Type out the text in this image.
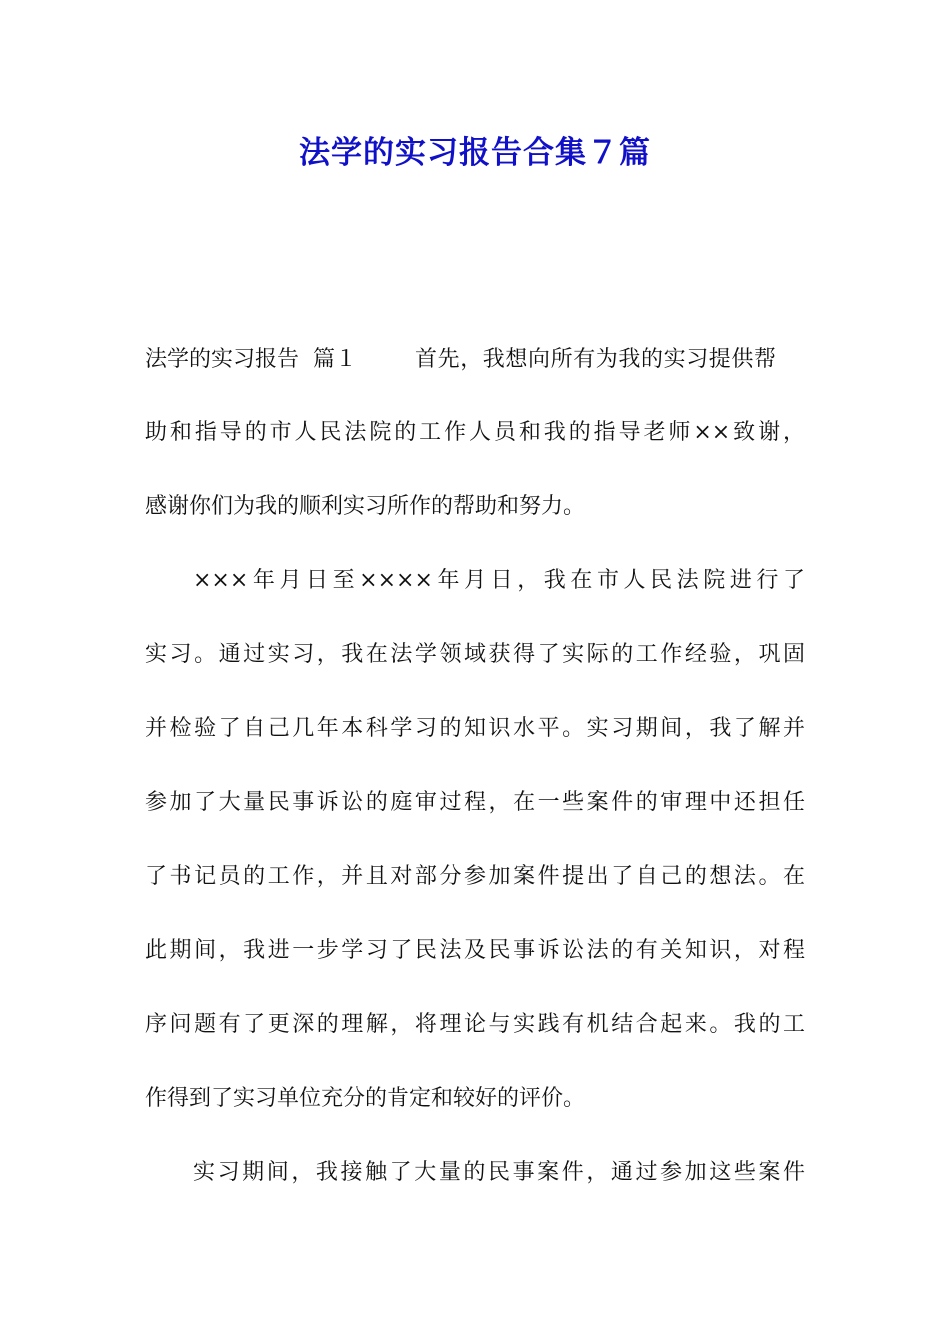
法学的实习报告合集７篇

法学的实习报告  篇１	首先，我想向所有为我的实习提供帮

助和指导的市人民法院的工作人员和我的指导老师××致谢，

感谢你们为我的顺利实习所作的帮助和努力。

×××年月日至××××年月日，我在市人民法院进行了

实习。通过实习，我在法学领域获得了实际的工作经验，巩固

并检验了自己几年本科学习的知识水平。实习期间，我了解并

参加了大量民事诉讼的庭审过程，在一些案件的审理中还担任

了书记员的工作，并且对部分参加案件提出了自己的想法。在

此期间，我进一步学习了民法及民事诉讼法的有关知识，对程

序问题有了更深的理解，将理论与实践有机结合起来。我的工

作得到了实习单位充分的肯定和较好的评价。

实习期间，我接触了大量的民事案件，通过参加这些案件
